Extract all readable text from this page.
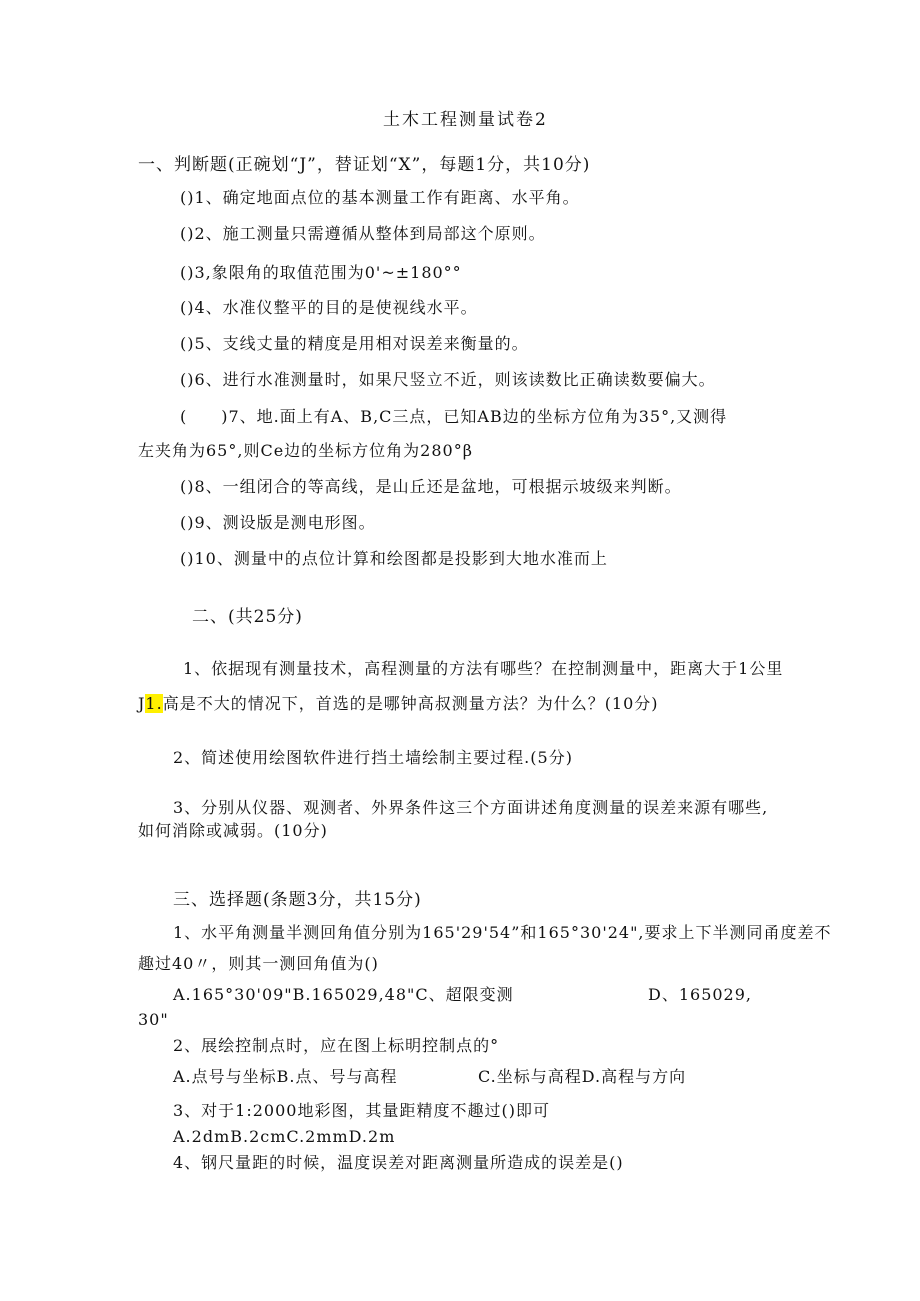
土木工程测量试卷2
一、判断题(正碗划“J”，替证划“X”，每题1分，共10分)
()1、确定地面点位的基本测量工作有距离、水平角。
()2、施工测量只需遵循从整体到局部这个原则。
()3,象限角的取值范围为0'~±180°°
()4、水准仪整平的目的是使视线水平。
()5、支线丈量的精度是用相对误差来衡量的。
()6、进行水准测量时，如果尺竖立不近，则该读数比正确读数要偏大。
(　　)7、地.面上有A、B,C三点，已知AB边的坐标方位角为35°,又测得
左夹角为65°,则Ce边的坐标方位角为280°β
()8、一组闭合的等高线，是山丘还是盆地，可根据示坡级来判断。
()9、测设版是测电形图。
()10、测量中的点位计算和绘图都是投影到大地水准而上
二、(共25分)
1、依据现有测量技术，高程测量的方法有哪些？在控制测量中，距离大于1公里
J1.高是不大的情况下，首选的是哪钟高叔测量方法？为什么？(10分)
2、简述使用绘图软件进行挡土墙绘制主要过程.(5分)
3、分别从仪器、观测者、外界条件这三个方面讲述角度测量的误差来源有哪些,
如何消除或减弱。(10分)
三、选择题(条题3分，共15分)
1、水平角测量半测回角值分别为165'29'54”和165°30'24",要求上下半测同甬度差不
趣过40〃，则其一测回角值为()
A.165°30'09"B.165029,48"C、超限变测	D、165029,
30"
2、展绘控制点时，应在图上标明控制点的°
A.点号与坐标B.点、号与高程	C.坐标与高程D.高程与方向
3、对于1:2000地彩图，其量距精度不趣过()即可
A.2dmB.2cmC.2mmD.2m
4、钢尺量距的时候，温度误差对距离测量所造成的误差是()
